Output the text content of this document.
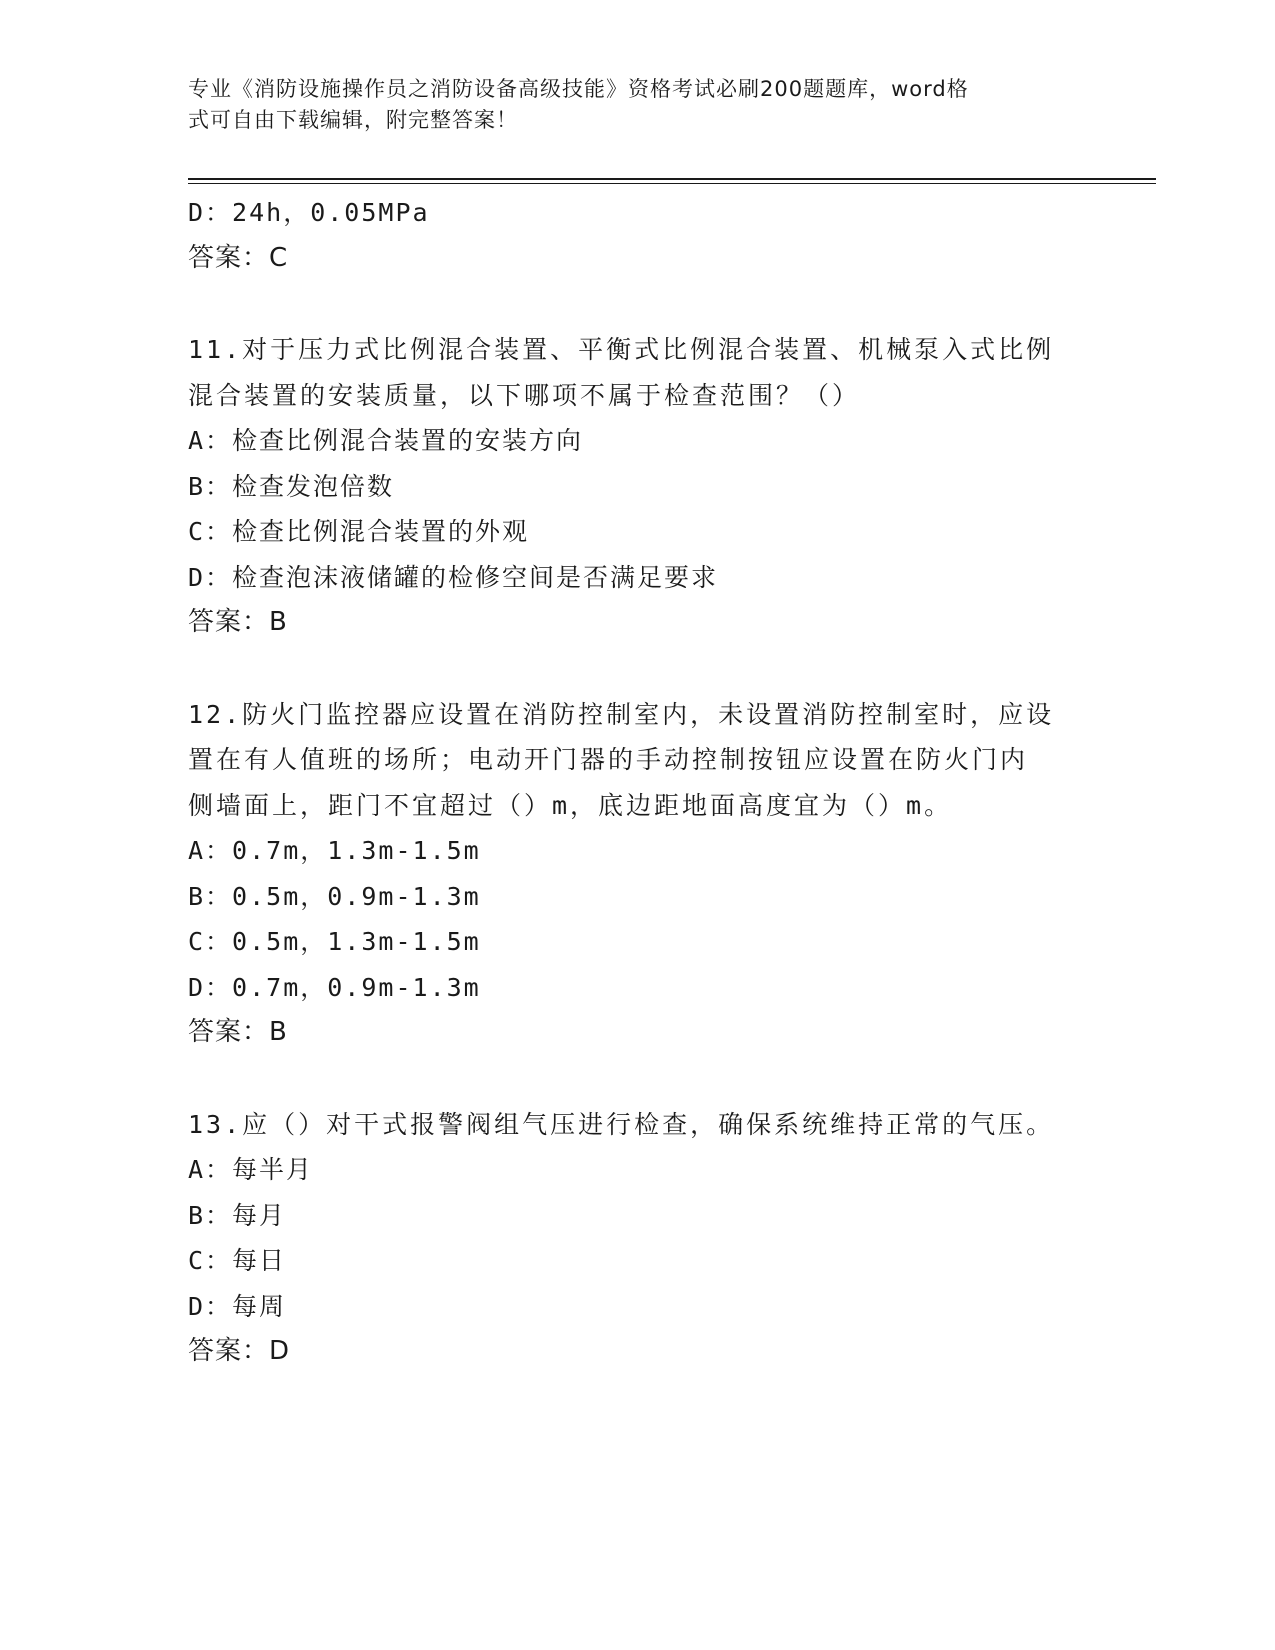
专业《消防设施操作员之消防设备高级技能》资格考试必刷200题题库，word格
式可自由下载编辑，附完整答案！
D：24h，0.05MPa
答案：C
11.对于压力式比例混合装置、平衡式比例混合装置、机械泵入式比例
混合装置的安装质量，以下哪项不属于检查范围？（）
A：检查比例混合装置的安装方向
B：检查发泡倍数
C：检查比例混合装置的外观
D：检查泡沫液储罐的检修空间是否满足要求
答案：B
12.防火门监控器应设置在消防控制室内，未设置消防控制室时，应设
置在有人值班的场所；电动开门器的手动控制按钮应设置在防火门内
侧墙面上，距门不宜超过（）m，底边距地面高度宜为（）m。
A：0.7m，1.3m-1.5m
B：0.5m，0.9m-1.3m
C：0.5m，1.3m-1.5m
D：0.7m，0.9m-1.3m
答案：B
13.应（）对干式报警阀组气压进行检查，确保系统维持正常的气压。
A：每半月
B：每月
C：每日
D：每周
答案：D
